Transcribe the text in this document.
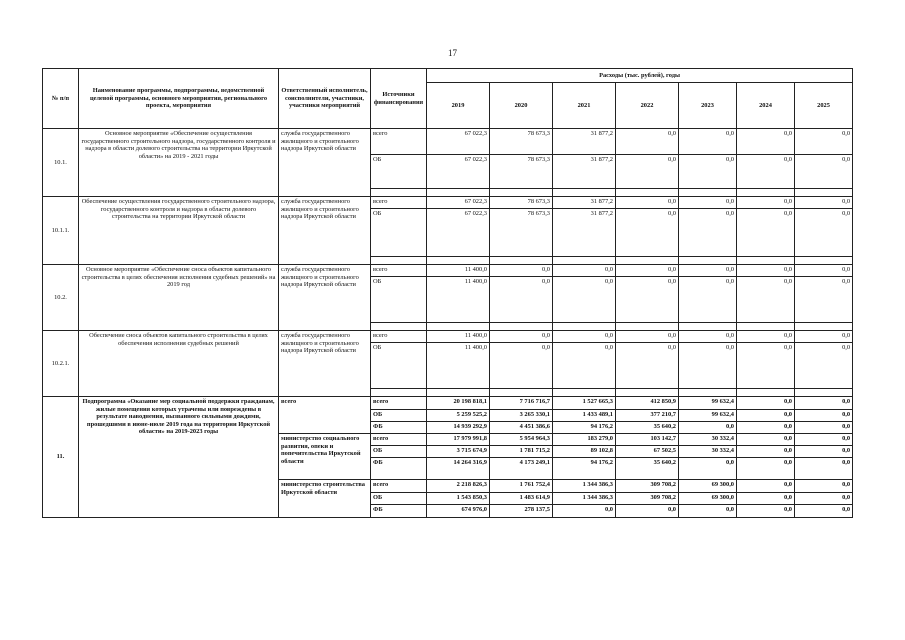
17
№ п/п	Наименование программы, подпрограммы, ведомственной целевой программы, основного мероприятия, регионального проекта, мероприятия	Ответственный исполнитель, соисполнители, участники, участники мероприятий	Источники финансирования	Расходы (тыс. рублей), годы						
				2019	2020	2021	2022	2023	2024	2025
10.1.	Основное мероприятие «Обеспечение осуществления государственного строительного надзора, государственного контроля и надзора в области долевого строительства на территории Иркутской области» на 2019 - 2021 годы	служба государственного жилищного и строительного надзора Иркутской области	всего	67 022,3	78 673,3	31 877,2	0,0	0,0	0,0	0,0
			ОБ	67 022,3	78 673,3	31 877,2	0,0	0,0	0,0	0,0

10.1.1.	Обеспечение осуществления государственного строительного надзора, государственного контроля и надзора в области долевого строительства на территории Иркутской области	служба государственного жилищного и строительного надзора Иркутской области	всего	67 022,3	78 673,3	31 877,2	0,0	0,0	0,0	0,0
			ОБ	67 022,3	78 673,3	31 877,2	0,0	0,0	0,0	0,0

10.2.	Основное мероприятие «Обеспечение сноса объектов капитального строительства в целях обеспечения исполнения судебных решений» на 2019 год	служба государственного жилищного и строительного надзора Иркутской области	всего	11 400,0	0,0	0,0	0,0	0,0	0,0	0,0
			ОБ	11 400,0	0,0	0,0	0,0	0,0	0,0	0,0

10.2.1.	Обеспечение сноса объектов капитального строительства в целях обеспечения исполнения судебных решений	служба государственного жилищного и строительного надзора Иркутской области	всего	11 400,0	0,0	0,0	0,0	0,0	0,0	0,0
			ОБ	11 400,0	0,0	0,0	0,0	0,0	0,0	0,0

11.	Подпрограмма «Оказание мер социальной поддержки гражданам, жилые помещения которых утрачены или повреждены в результате наводнения, вызванного сильными дождями, прошедшими в июне-июле 2019 года на территории Иркутской области» на 2019-2023 годы	всего	всего	20 198 818,1	7 716 716,7	1 527 665,3	412 850,9	99 632,4	0,0	0,0
			ОБ	5 259 525,2	3 265 330,1	1 433 489,1	377 210,7	99 632,4	0,0	0,0
			ФБ	14 939 292,9	4 451 386,6	94 176,2	35 640,2	0,0	0,0	0,0
		министерство социального развития, опеки и попечительства Иркутской области	всего	17 979 991,8	5 954 964,3	183 279,0	103 142,7	30 332,4	0,0	0,0
			ОБ	3 715 674,9	1 781 715,2	89 102,8	67 502,5	30 332,4	0,0	0,0
			ФБ	14 264 316,9	4 173 249,1	94 176,2	35 640,2	0,0	0,0	0,0
		министерство строительства Иркутской области	всего	2 218 826,3	1 761 752,4	1 344 386,3	309 708,2	69 300,0	0,0	0,0
			ОБ	1 543 850,3	1 483 614,9	1 344 386,3	309 708,2	69 300,0	0,0	0,0
			ФБ	674 976,0	278 137,5	0,0	0,0	0,0	0,0	0,0
